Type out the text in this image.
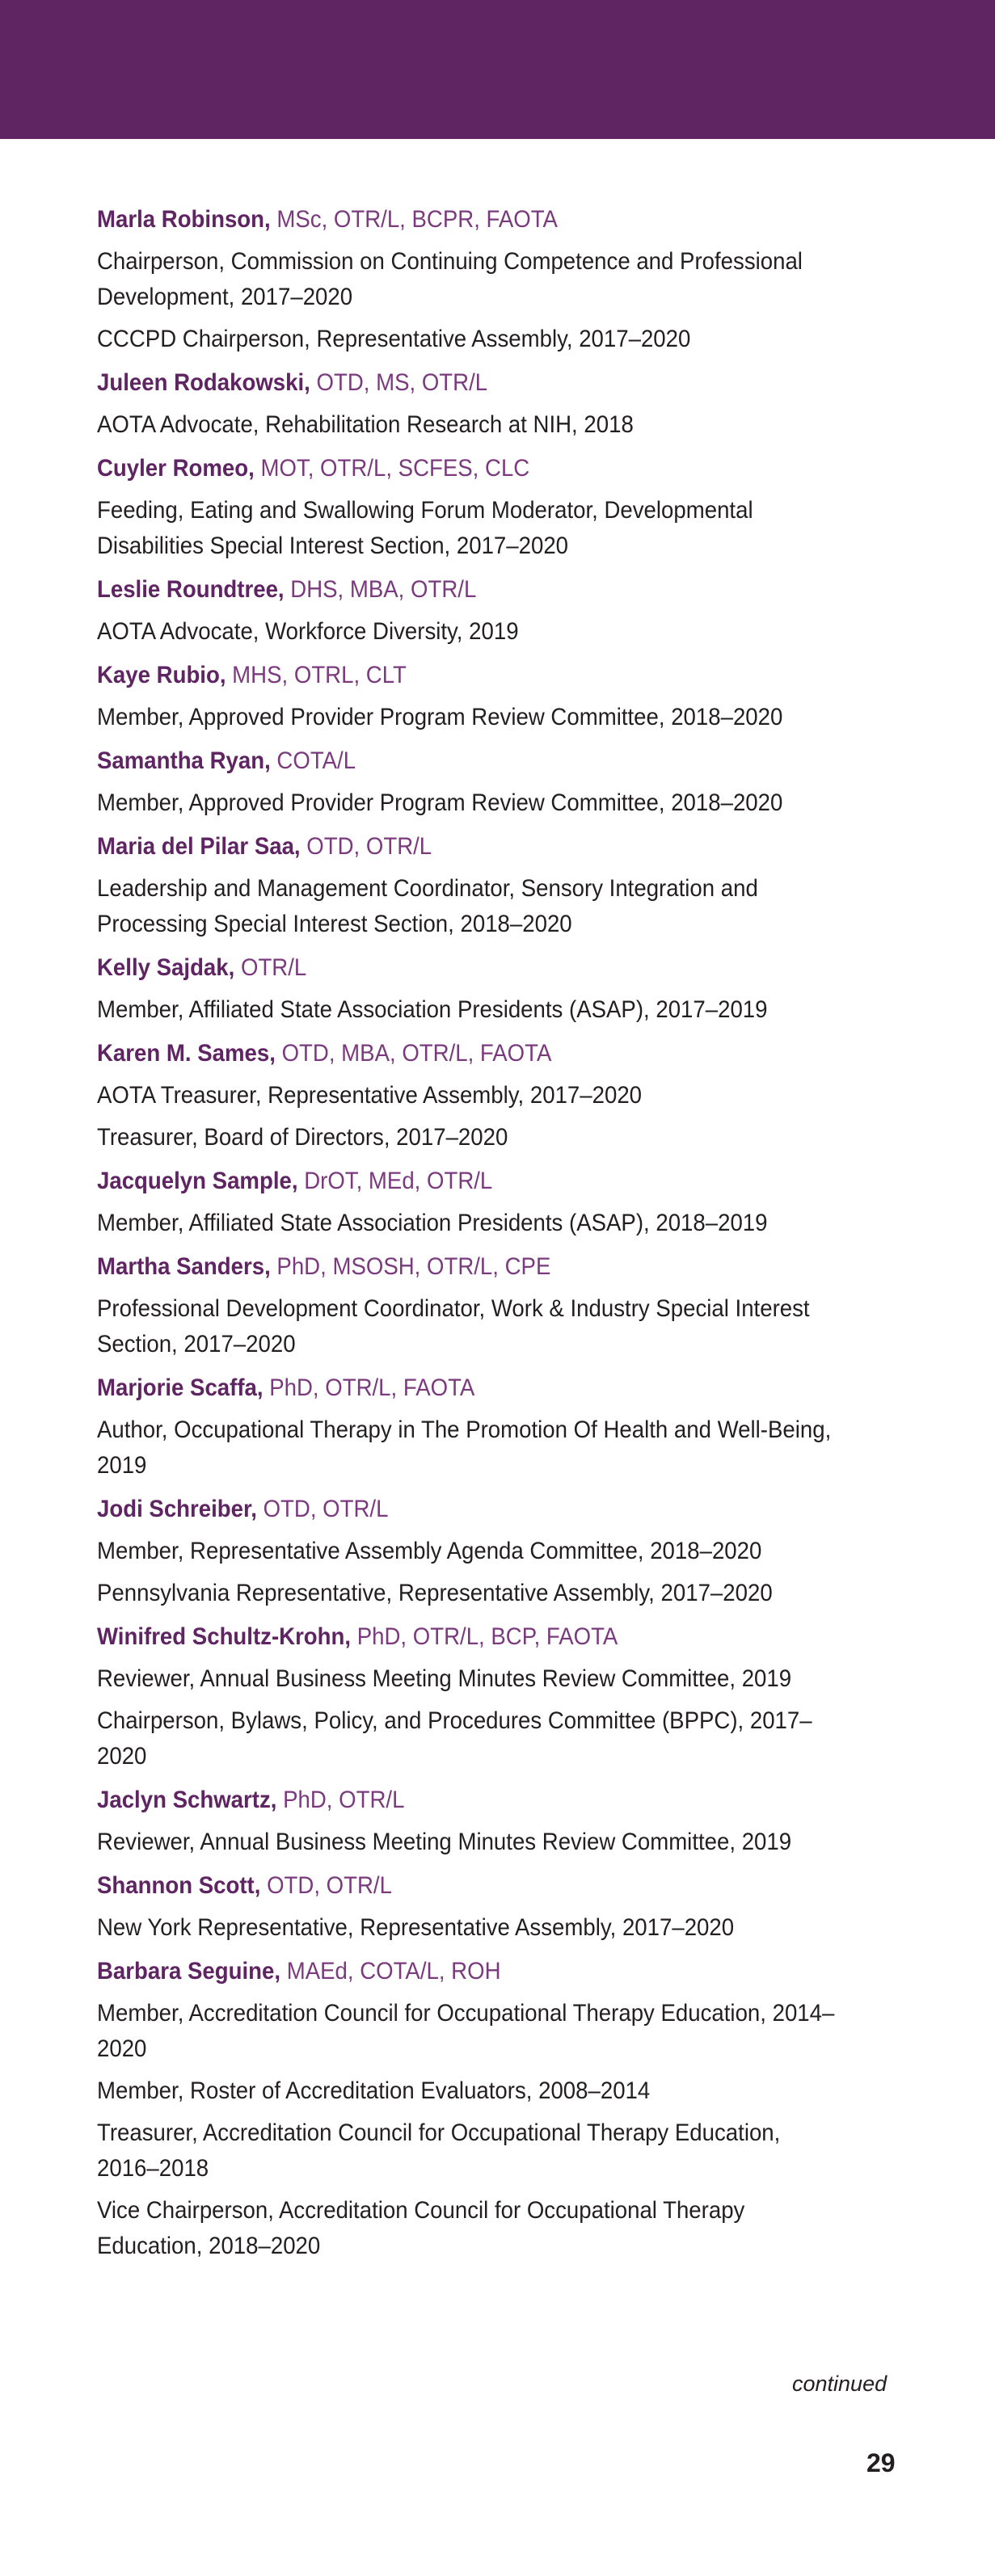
Marla Robinson, MSc, OTR/L, BCPR, FAOTA
Chairperson, Commission on Continuing Competence and Professional Development, 2017–2020
CCCPD Chairperson, Representative Assembly, 2017–2020
Juleen Rodakowski, OTD, MS, OTR/L
AOTA Advocate, Rehabilitation Research at NIH, 2018
Cuyler Romeo, MOT, OTR/L, SCFES, CLC
Feeding, Eating and Swallowing Forum Moderator, Developmental Disabilities Special Interest Section, 2017–2020
Leslie Roundtree, DHS, MBA, OTR/L
AOTA Advocate, Workforce Diversity, 2019
Kaye Rubio, MHS, OTRL, CLT
Member, Approved Provider Program Review Committee, 2018–2020
Samantha Ryan, COTA/L
Member, Approved Provider Program Review Committee, 2018–2020
Maria del Pilar Saa, OTD, OTR/L
Leadership and Management Coordinator, Sensory Integration and Processing Special Interest Section, 2018–2020
Kelly Sajdak, OTR/L
Member, Affiliated State Association Presidents (ASAP), 2017–2019
Karen M. Sames, OTD, MBA, OTR/L, FAOTA
AOTA Treasurer, Representative Assembly, 2017–2020
Treasurer, Board of Directors, 2017–2020
Jacquelyn Sample, DrOT, MEd, OTR/L
Member, Affiliated State Association Presidents (ASAP), 2018–2019
Martha Sanders, PhD, MSOSH, OTR/L, CPE
Professional Development Coordinator, Work & Industry Special Interest Section, 2017–2020
Marjorie Scaffa, PhD, OTR/L, FAOTA
Author, Occupational Therapy in The Promotion Of Health and Well-Being, 2019
Jodi Schreiber, OTD, OTR/L
Member, Representative Assembly Agenda Committee, 2018–2020
Pennsylvania Representative, Representative Assembly, 2017–2020
Winifred Schultz-Krohn, PhD, OTR/L, BCP, FAOTA
Reviewer, Annual Business Meeting Minutes Review Committee, 2019
Chairperson, Bylaws, Policy, and Procedures Committee (BPPC), 2017–2020
Jaclyn Schwartz, PhD, OTR/L
Reviewer, Annual Business Meeting Minutes Review Committee, 2019
Shannon Scott, OTD, OTR/L
New York Representative, Representative Assembly, 2017–2020
Barbara Seguine, MAEd, COTA/L, ROH
Member, Accreditation Council for Occupational Therapy Education, 2014–2020
Member, Roster of Accreditation Evaluators, 2008–2014
Treasurer, Accreditation Council for Occupational Therapy Education, 2016–2018
Vice Chairperson, Accreditation Council for Occupational Therapy Education, 2018–2020
continued
29
